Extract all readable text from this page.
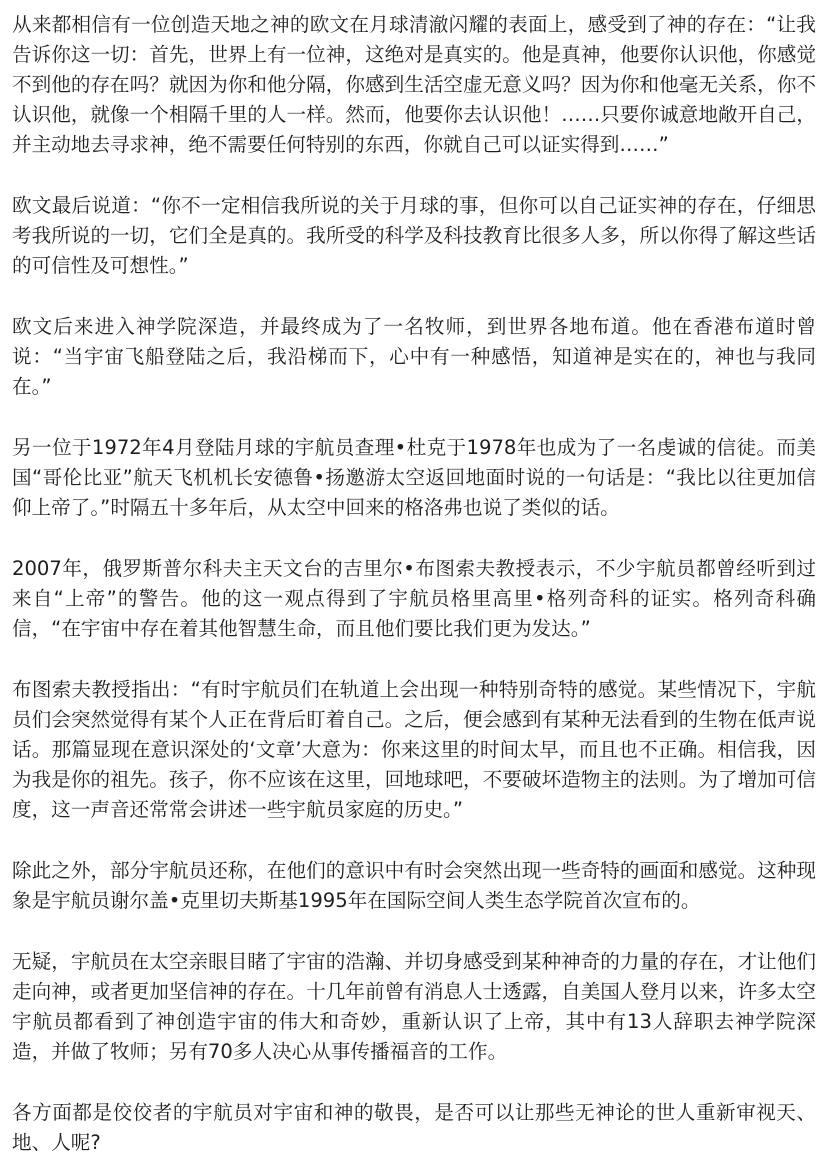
从来都相信有一位创造天地之神的欧文在月球清澈闪耀的表面上，感受到了神的存在：“让我告诉你这一切：首先，世界上有一位神，这绝对是真实的。他是真神，他要你认识他，你感觉不到他的存在吗？就因为你和他分隔，你感到生活空虚无意义吗？因为你和他毫无关系，你不认识他，就像一个相隔千里的人一样。然而，他要你去认识他！……只要你诚意地敞开自己，并主动地去寻求神，绝不需要任何特别的东西，你就自己可以证实得到……”

欧文最后说道：“你不一定相信我所说的关于月球的事，但你可以自己证实神的存在，仔细思考我所说的一切，它们全是真的。我所受的科学及科技教育比很多人多，所以你得了解这些话的可信性及可想性。”

欧文后来进入神学院深造，并最终成为了一名牧师，到世界各地布道。他在香港布道时曾说：“当宇宙飞船登陆之后，我沿梯而下，心中有一种感悟，知道神是实在的，神也与我同在。”

另一位于1972年4月登陆月球的宇航员查理•杜克于1978年也成为了一名虔诚的信徒。而美国“哥伦比亚”航天飞机机长安德鲁•扬邀游太空返回地面时说的一句话是：“我比以往更加信仰上帝了。”时隔五十多年后，从太空中回来的格洛弗也说了类似的话。

2007年，俄罗斯普尔科夫主天文台的吉里尔•布图索夫教授表示，不少宇航员都曾经听到过来自“上帝”的警告。他的这一观点得到了宇航员格里高里•格列奇科的证实。格列奇科确信，“在宇宙中存在着其他智慧生命，而且他们要比我们更为发达。”

布图索夫教授指出：“有时宇航员们在轨道上会出现一种特别奇特的感觉。某些情况下，宇航员们会突然觉得有某个人正在背后盯着自己。之后，便会感到有某种无法看到的生物在低声说话。那篇显现在意识深处的‘文章’大意为：你来这里的时间太早，而且也不正确。相信我，因为我是你的祖先。孩子，你不应该在这里，回地球吧，不要破坏造物主的法则。为了增加可信度，这一声音还常常会讲述一些宇航员家庭的历史。”

除此之外，部分宇航员还称，在他们的意识中有时会突然出现一些奇特的画面和感觉。这种现象是宇航员谢尔盖•克里切夫斯基1995年在国际空间人类生态学院首次宣布的。

无疑，宇航员在太空亲眼目睹了宇宙的浩瀚、并切身感受到某种神奇的力量的存在，才让他们走向神，或者更加坚信神的存在。十几年前曾有消息人士透露，自美国人登月以来，许多太空宇航员都看到了神创造宇宙的伟大和奇妙，重新认识了上帝，其中有13人辞职去神学院深造，并做了牧师；另有70多人决心从事传播福音的工作。

各方面都是佼佼者的宇航员对宇宙和神的敬畏，是否可以让那些无神论的世人重新审视天、地、人呢?
